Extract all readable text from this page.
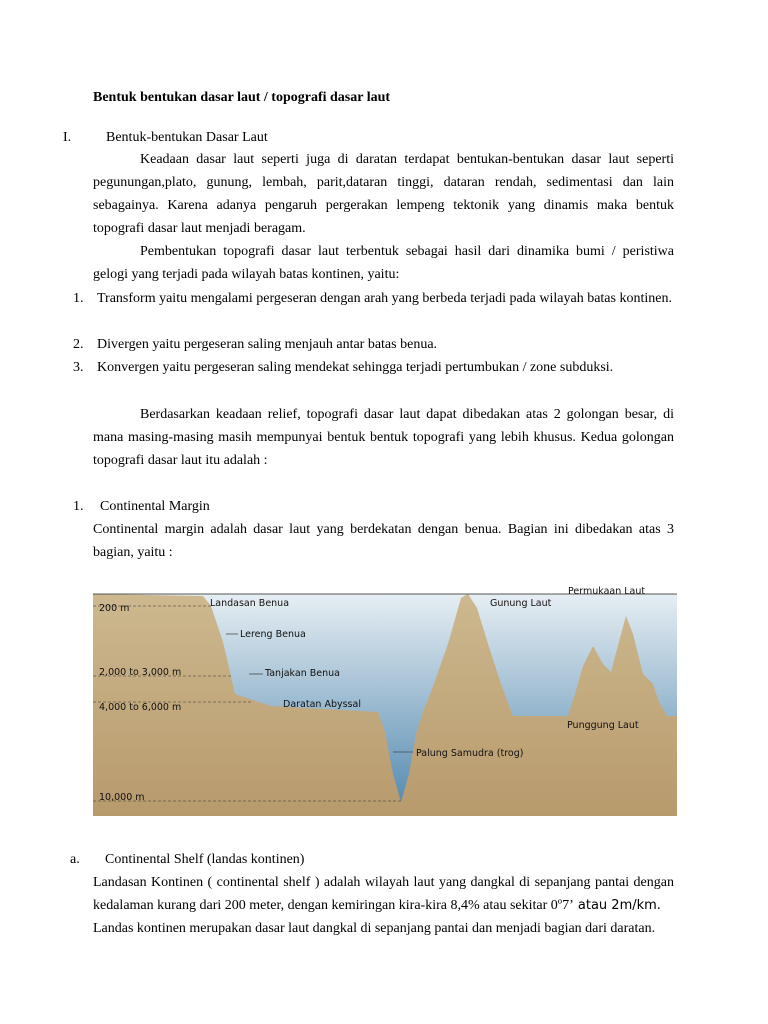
Bentuk bentukan dasar laut / topografi dasar laut
I. Bentuk-bentukan Dasar Laut
Keadaan dasar laut seperti juga di daratan terdapat bentukan-bentukan dasar laut seperti pegunungan,plato, gunung, lembah, parit,dataran tinggi, dataran rendah, sedimentasi dan lain sebagainya. Karena adanya pengaruh pergerakan lempeng tektonik yang dinamis maka bentuk topografi dasar laut menjadi beragam.
Pembentukan topografi dasar laut terbentuk sebagai hasil dari dinamika bumi / peristiwa gelogi yang terjadi pada wilayah batas kontinen, yaitu:
1. Transform yaitu mengalami pergeseran dengan arah yang berbeda terjadi pada wilayah batas kontinen.
2. Divergen yaitu pergeseran saling menjauh antar batas benua.
3. Konvergen yaitu pergeseran saling mendekat sehingga terjadi pertumbukan / zone subduksi.
Berdasarkan keadaan relief, topografi dasar laut dapat dibedakan atas 2 golongan besar, di mana masing-masing masih mempunyai bentuk bentuk topografi yang lebih khusus. Kedua golongan topografi dasar laut itu adalah :
1. Continental Margin
Continental margin adalah dasar laut yang berdekatan dengan benua. Bagian ini dibedakan atas 3 bagian, yaitu :
Permukaan Laut
200 m	Landasan Benua	Gunung Laut
Lereng Benua
2,000 to 3,000 m	Tanjakan Benua
4,000 to 6,000 m	Daratan Abyssal
Punggung Laut
Palung Samudra (trog)
10,000 m
a. Continental Shelf (landas kontinen)
Landasan Kontinen ( continental shelf ) adalah wilayah laut yang dangkal di sepanjang pantai dengan kedalaman kurang dari 200 meter, dengan kemiringan kira-kira 8,4% atau sekitar 0º7’ atau 2m/km.
Landas kontinen merupakan dasar laut dangkal di sepanjang pantai dan menjadi bagian dari daratan.
